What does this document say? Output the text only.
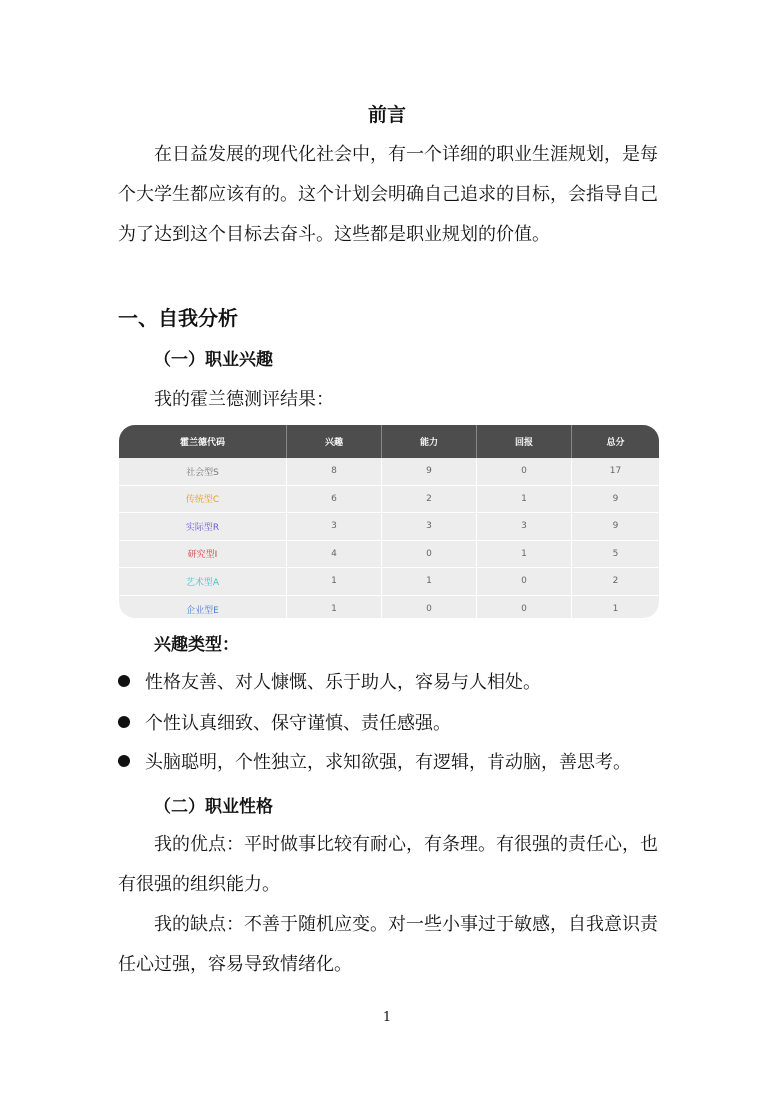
前言
在日益发展的现代化社会中，有一个详细的职业生涯规划，是每
个大学生都应该有的。这个计划会明确自己追求的目标，会指导自己
为了达到这个目标去奋斗。这些都是职业规划的价值。
一、自我分析
（一）职业兴趣
我的霍兰德测评结果：
霍兰德代码	兴趣	能力	回报	总分
社会型S	8	9	0	17
传统型C	6	2	1	9
实际型R	3	3	3	9
研究型I	4	0	1	5
艺术型A	1	1	0	2
企业型E	1	0	0	1
兴趣类型：
性格友善、对人慷慨、乐于助人，容易与人相处。
个性认真细致、保守谨慎、责任感强。
头脑聪明，个性独立，求知欲强，有逻辑，肯动脑，善思考。
（二）职业性格
我的优点：平时做事比较有耐心，有条理。有很强的责任心，也
有很强的组织能力。
我的缺点：不善于随机应变。对一些小事过于敏感，自我意识责
任心过强，容易导致情绪化。
1
